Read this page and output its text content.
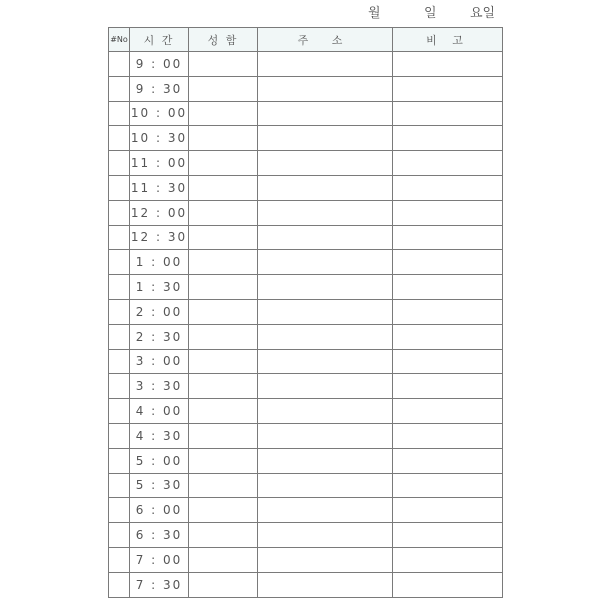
월	일	요일
#No	시 간	성 함	주 소	비 고
	9 : 00			
	9 : 30			
	10 : 00			
	10 : 30			
	11 : 00			
	11 : 30			
	12 : 00			
	12 : 30			
	1 : 00			
	1 : 30			
	2 : 00			
	2 : 30			
	3 : 00			
	3 : 30			
	4 : 00			
	4 : 30			
	5 : 00			
	5 : 30			
	6 : 00			
	6 : 30			
	7 : 00			
	7 : 30			
